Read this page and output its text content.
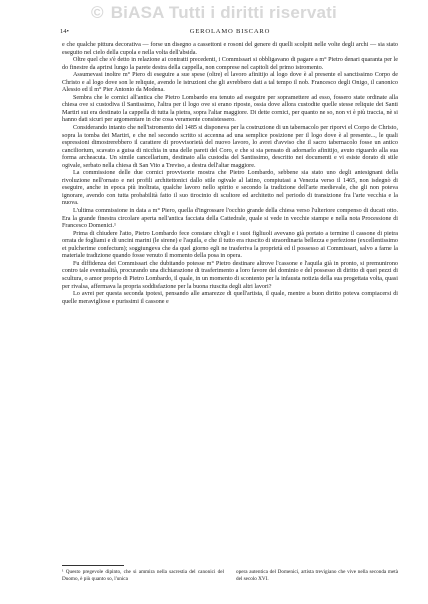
© BiASA Tutti i diritti riservati
14•	GEROLAMO BISCARO

e che qualche pittura decorativa — forse un disegno a cassettoni e rosoni del genere di quelli scolpiti nelle volte degli archi — sia stato eseguito nel cielo della cupola e nella volta dell'absida.

Oltre quel che s'è detto in relazione ai contratti precedenti, i Commissari si obbligavano di pagare a m° Pietro denari quaranta per le do finestre da aprirsi lungo la parete destra della cappella, non comprese nel capitoli del primo istromento.

Assumevasi inoltre m° Piero di eseguire a sue spese (oltre) el lavoro afinitijo al logo dove è al presente el sanctissimo Corpo de Christo e al logo dove son le reliquie, avendo le istruzioni che gli avrebbero dati a tal tempo il nob. Francesco degli Onigo, il canonico Alessio ed il m° Pier Antonio da Modena.

Sembra che le cornici all'antica che Pietro Lombardo era tenuto ad eseguire per sopramettere ad esso, fossero state ordinate alla chiesa ove si custodiva il Santissimo, l'altra per il logo ove si erano riposte, ossia dove allora custodite quelle stesse reliquie dei Santi Martiri sui era destinato la cappella di tutta la pietra, sopra l'altar maggiore. Di dette cornici, per quanto ne so, non vi è più traccia, nè si hanno dati sicuri per argomentare in che cosa veramente consistessero.

Considerando intanto che nell'istromento del 1485 si disponeva per la costruzione di un tabernacolo per riporvi el Corpo de Christo, sopra la tomba dei Martiri, e che nel secondo scritto si accenna ad una semplice posizione per il logo dove è al presente..., le quali espressioni dimostrerebbero il carattere di provvisorietà del nuovo lavoro, lo avrei d'avviso che il sacro tabernacolo fosse un antico canciliorium, scavato a guisa di nicchia in una delle pareti del Coro, e che si sia pensato di adornarlo afinitijo, avuto riguardo alla sua forma archeacuta. Un simile cancellarium, destinato alla custodia del Santissimo, descritto nei documenti e vi esiste dorato di stile ogivale, serbato nella chiesa di San Vito a Treviso, a destra dell'altar maggiore.

La commissione delle due cornici provvisorie mostra che Pietro Lombardo, sebbene sia stato uno degli antesignani della rivoluzione nell'ornato e nei profili architettonici dallo stile ogivale al latino, compiutasi a Venezia verso il 1465, non isdegnò di eseguire, anche in epoca più inoltrata, qualche lavoro nello spirito e secondo la tradizione dell'arte medievale, che gli non poteva ignorare, avendo con tutta probabilità fatto il suo tirocinio di scultore ed architetto nel periodo di transizione fra l'arte vecchia e la nuova.

L'ultima commissione in data a m° Piero, quella d'ingrossare l'occhio grande della chiesa verso l'ulteriore compenso di ducati otto. Era la grande finestra circolare aperta nell'antica facciata della Cattedrale, quale si vede in vecchie stampe e nella nota Processione di Francesco Domenici.¹

Prima di chiudere l'atto, Pietro Lombardo fece constare ch'egli e i suoi figliuoli avevano già portato a termine il cassone di pietra orrata de fogliami e di uncini marini (le sirene) e l'aquila, e che il tutto era riuscito di straordinaria bellezza e perfezione (excellentissimo et pulcherime confectum); soggiungeva che da quel giorno egli ne trasferiva la proprietà ed il possesso ai Commissari, salvo a farne la materiale tradizione quando fosse venuto il momento della posa in opera.

Fu diffidenza dei Commissari che dubitando potesse m° Pietro destinare altrove l'cassone e l'aquila già in pronto, si premunirono contro tale eventualità, procurando una dichiarazione di trasferimento a loro favore del dominio e del possesso di diritto di quei pezzi di scultura, o amor proprio di Pietro Lombardo, il quale, in un momento di scontento per la infausta notizia della sua progettata volta, quasi per rivalsa, affermava la propria soddisfazione per la buona riuscita degli altri lavori?

Lo avrei per questa seconda ipotesi, pensando alle amarezze di quell'artista, il quale, mentre a buon diritto poteva compiacersi di quelle meravigliose e purissimi il cassone e

¹ Questo pregevole dipinto, che si ammira nella sacrestia del canonici del Duomo, è più quanto so, l'unica
opera autentica del Domenici, artista trevigiano che vive nella seconda metà del secolo XVI.
